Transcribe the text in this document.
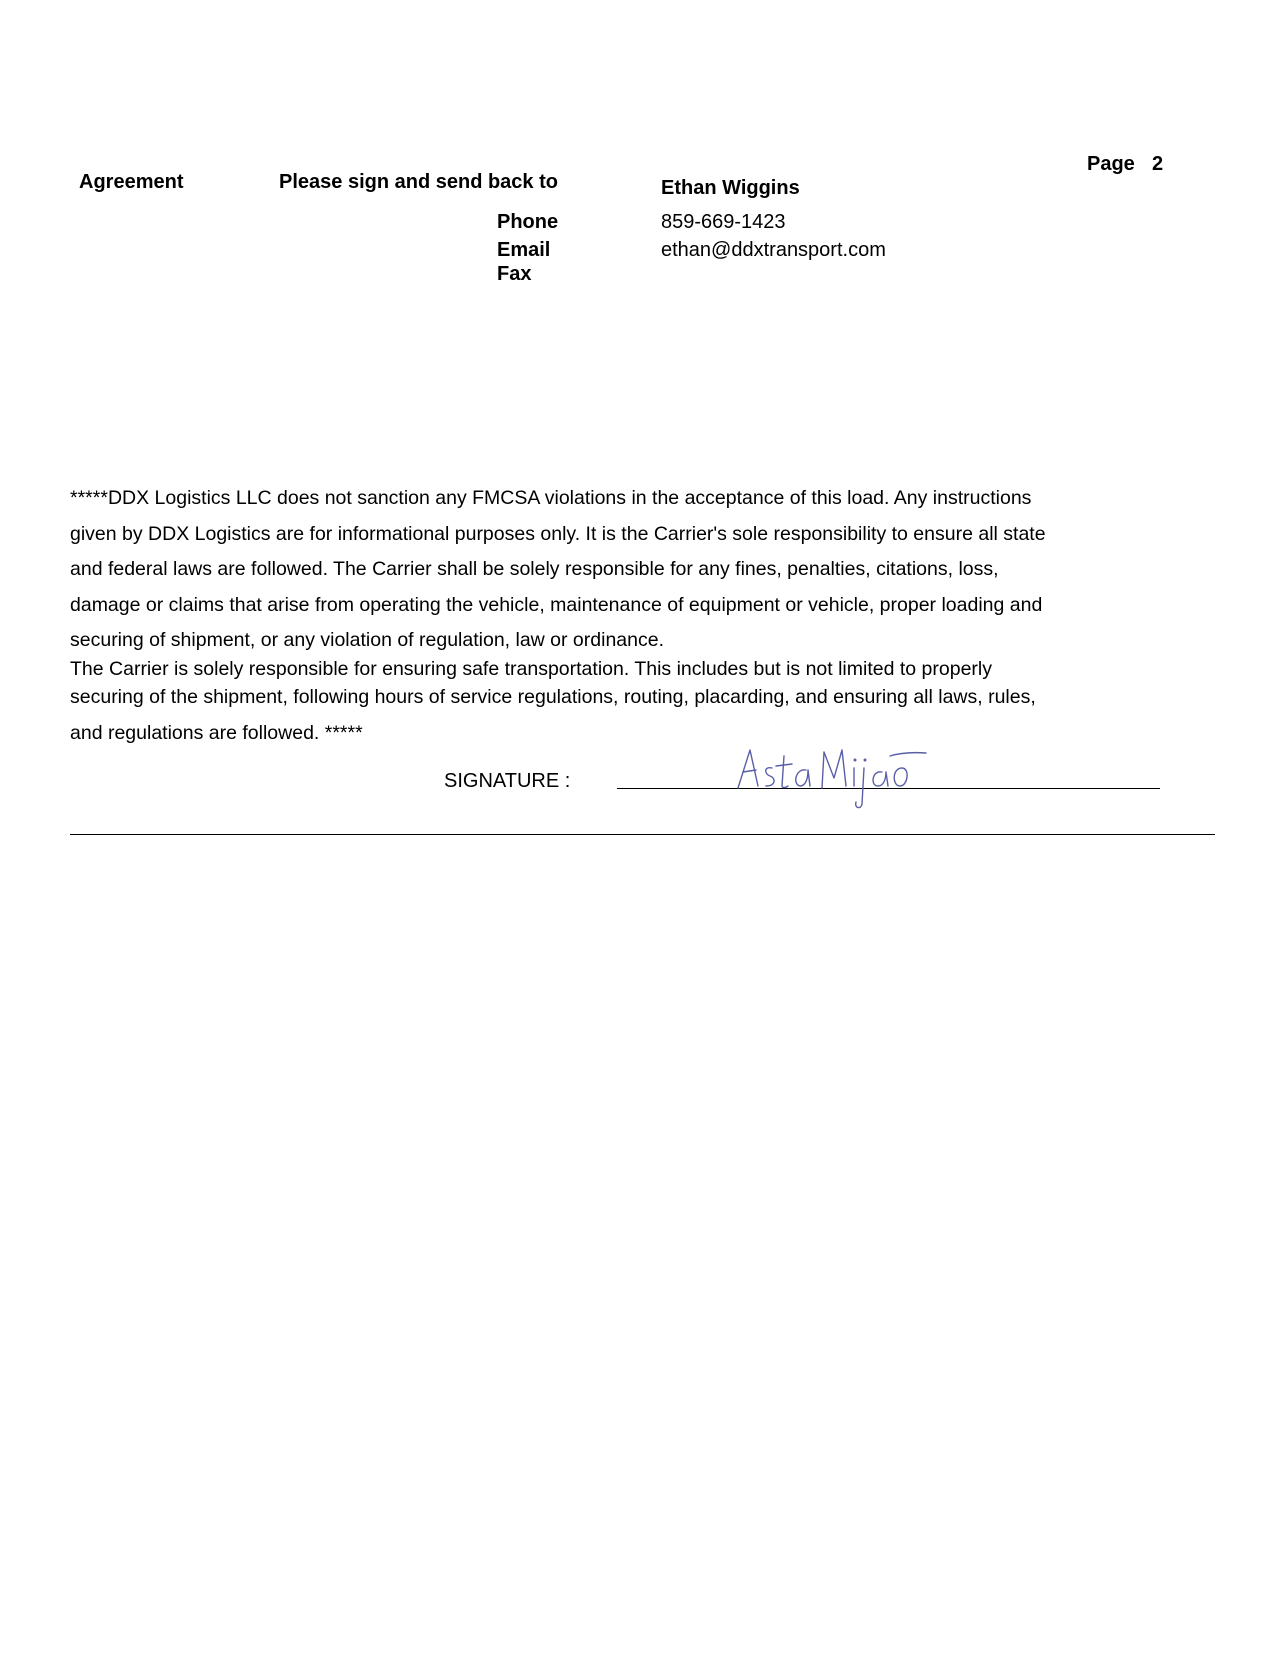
Page 2
Agreement	Please sign and send back to	Ethan Wiggins
Phone	859-669-1423
Email	ethan@ddxtransport.com
Fax
*****DDX Logistics LLC does not sanction any FMCSA violations in the acceptance of this load. Any instructions
given by DDX Logistics are for informational purposes only. It is the Carrier's sole responsibility to ensure all state
and federal laws are followed. The Carrier shall be solely responsible for any fines, penalties, citations, loss,
damage or claims that arise from operating the vehicle, maintenance of equipment or vehicle, proper loading and
securing of shipment, or any violation of regulation, law or ordinance.
The Carrier is solely responsible for ensuring safe transportation. This includes but is not limited to properly
securing of the shipment, following hours of service regulations, routing, placarding, and ensuring all laws, rules,
and regulations are followed. *****
SIGNATURE :
